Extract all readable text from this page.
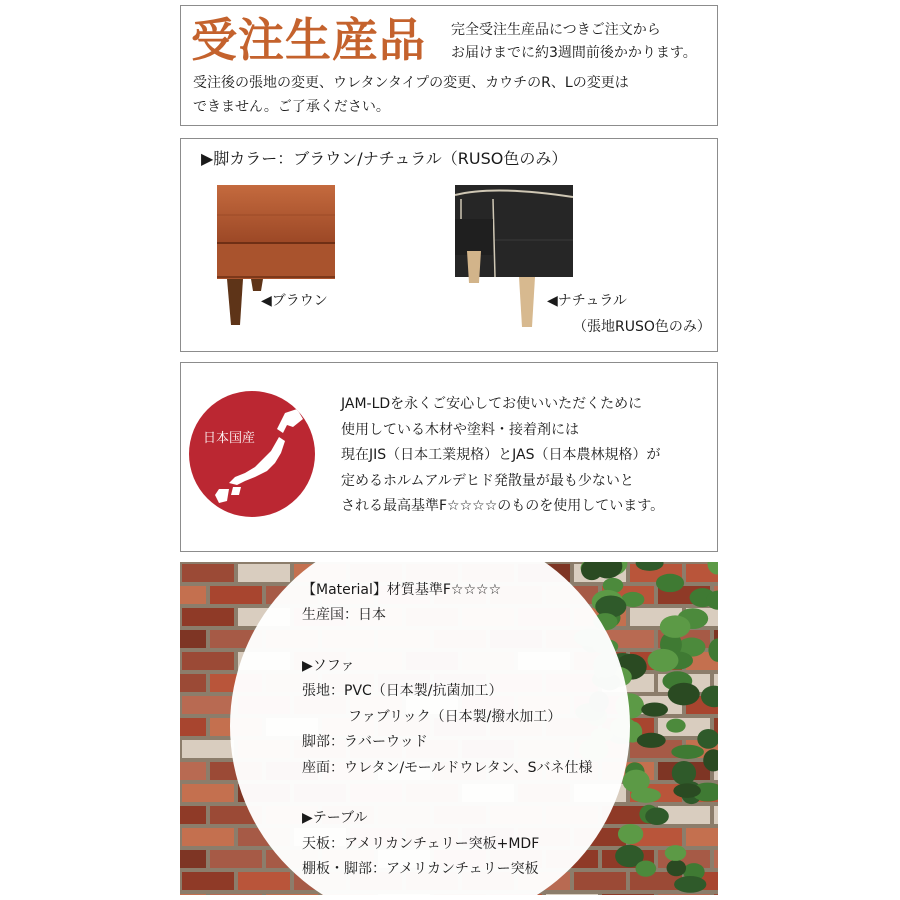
受注生産品 完全受注生産品につきご注文から
お届けまでに約3週間前後かかります。
受注後の張地の変更、ウレタンタイプの変更、カウチのR、Lの変更は
できません。ご了承ください。
▶脚カラー：ブラウン/ナチュラル（RUSO色のみ）
◀ブラウン	◀ナチュラル
（張地RUSO色のみ）
日本国産
JAM-LDを永くご安心してお使いいただくために
使用している木材や塗料・接着剤には
現在JIS（日本工業規格）とJAS（日本農林規格）が
定めるホルムアルデヒド発散量が最も少ないと
される最高基準F☆☆☆☆のものを使用しています。
【Material】材質基準F☆☆☆☆
生産国：日本
▶ソファ
張地：PVC（日本製/抗菌加工）
ファブリック（日本製/撥水加工）
脚部：ラバーウッド
座面：ウレタン/モールドウレタン、Sバネ仕様
▶テーブル
天板：アメリカンチェリー突板+MDF
棚板・脚部：アメリカンチェリー突板
